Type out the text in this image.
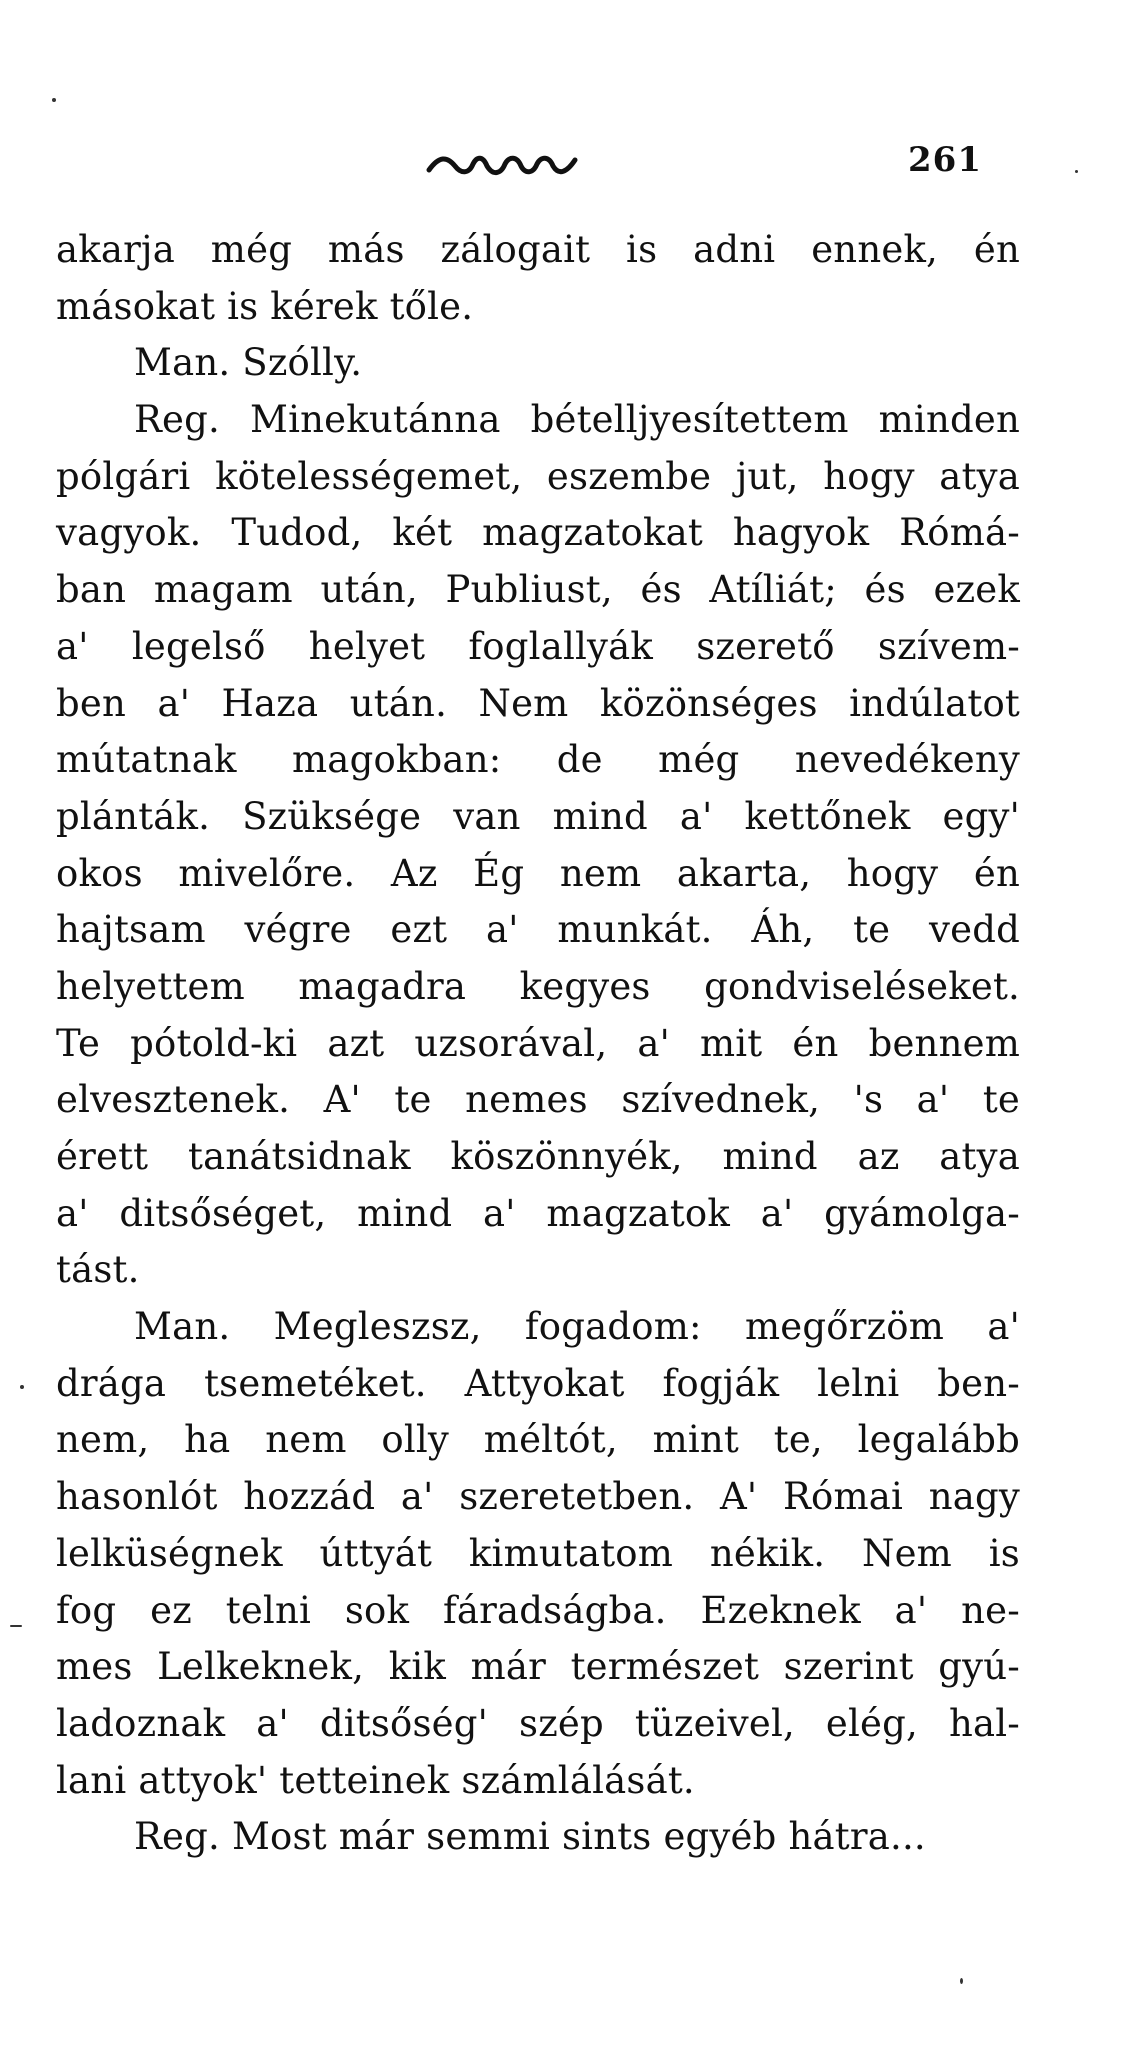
261
akarja még más zálogait is adni ennek, én
másokat is kérek tőle.
Man. Szólly.
Reg. Minekutánna bételljyesítettem minden
pólgári kötelességemet, eszembe jut, hogy atya
vagyok. Tudod, két magzatokat hagyok Rómá-
ban magam után, Publiust, és Atíliát; és ezek
a' legelső helyet foglallyák szerető szívem-
ben a' Haza után. Nem közönséges indúlatot
mútatnak magokban: de még nevedékeny
plánták. Szüksége van mind a' kettőnek egy'
okos mivelőre. Az Ég nem akarta, hogy én
hajtsam végre ezt a' munkát. Áh, te vedd
helyettem magadra kegyes gondviseléseket.
Te pótold-ki azt uzsorával, a' mit én bennem
elvesztenek. A' te nemes szívednek, 's a' te
érett tanátsidnak köszönnyék, mind az atya
a' ditsőséget, mind a' magzatok a' gyámolga-
tást.
Man. Megleszsz, fogadom: megőrzöm a'
drága tsemetéket. Attyokat fogják lelni ben-
nem, ha nem olly méltót, mint te, legalább
hasonlót hozzád a' szeretetben. A' Római nagy
lelküségnek úttyát kimutatom nékik. Nem is
fog ez telni sok fáradságba. Ezeknek a' ne-
mes Lelkeknek, kik már természet szerint gyú-
ladoznak a' ditsőség' szép tüzeivel, elég, hal-
lani attyok' tetteinek számlálását.
Reg. Most már semmi sints egyéb hátra...
